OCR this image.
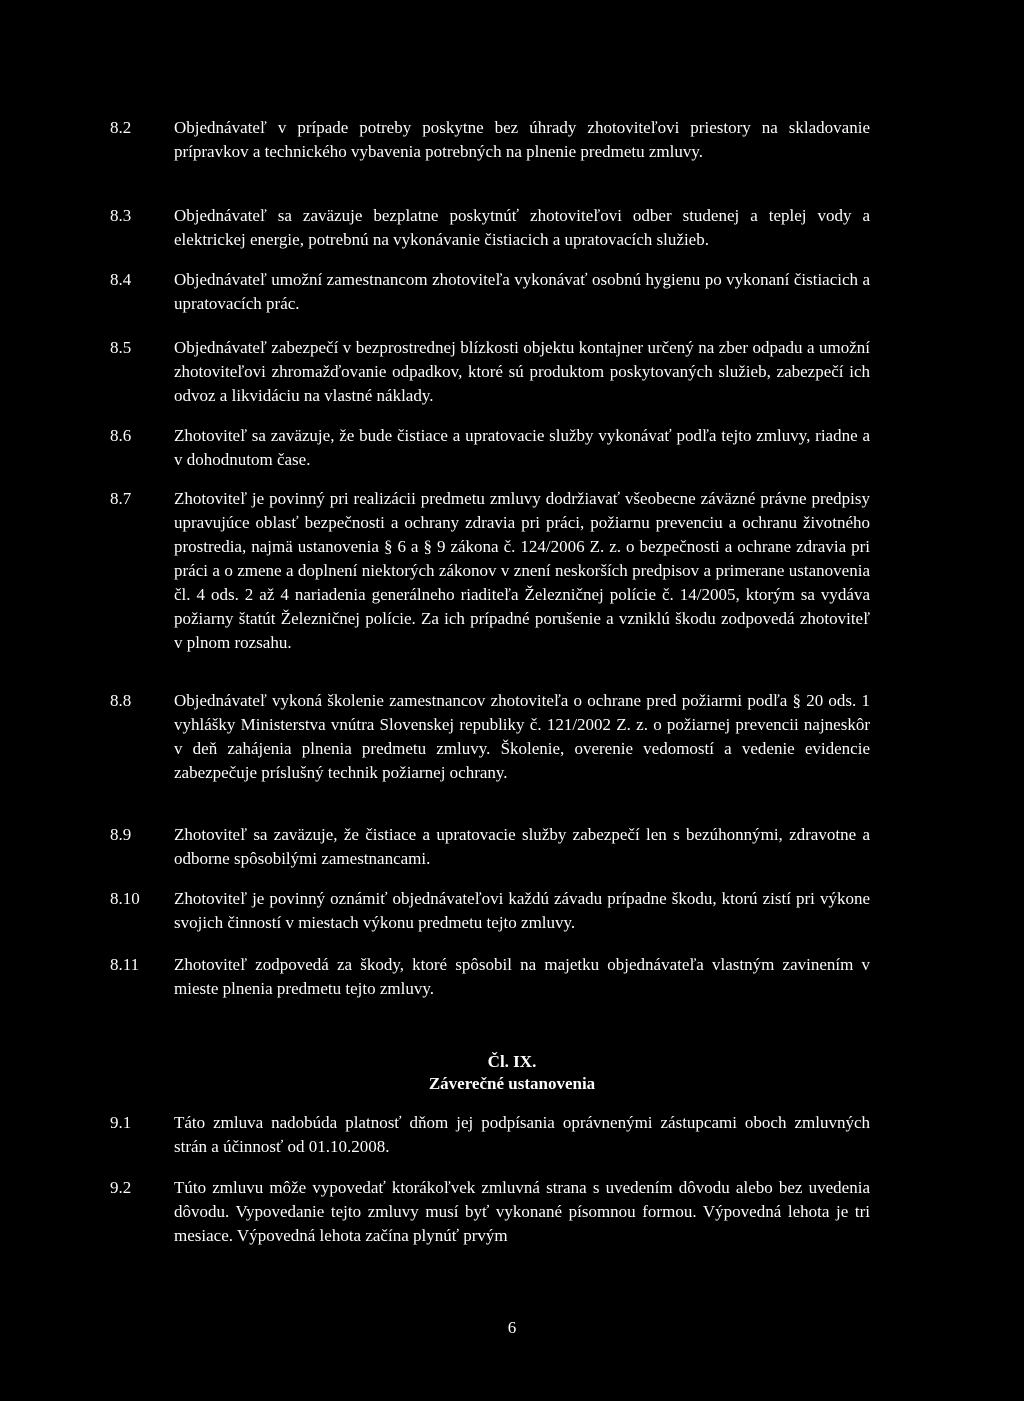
8.2	Objednávateľ v prípade potreby poskytne bez úhrady zhotoviteľovi priestory na skladovanie prípravkov a technického vybavenia potrebných na plnenie predmetu zmluvy.
8.3	Objednávateľ sa zaväzuje bezplatne poskytnúť zhotoviteľovi odber studenej a teplej vody a elektrickej energie, potrebnú na vykonávanie čistiacich a upratovacích služieb.
8.4	Objednávateľ umožní zamestnancom zhotoviteľa vykonávať osobnú hygienu po vykonaní čistiacich a upratovacích prác.
8.5	Objednávateľ zabezpečí v bezprostrednej blízkosti objektu kontajner určený na zber odpadu a umožní zhotoviteľovi zhromažďovanie odpadkov, ktoré sú produktom poskytovaných služieb, zabezpečí ich odvoz a likvidáciu na vlastné náklady.
8.6	Zhotoviteľ sa zaväzuje, že bude čistiace a upratovacie služby vykonávať podľa tejto zmluvy, riadne a v dohodnutom čase.
8.7	Zhotoviteľ je povinný pri realizácii predmetu zmluvy dodržiavať všeobecne záväzné právne predpisy upravujúce oblasť bezpečnosti a ochrany zdravia pri práci, požiarnu prevenciu a ochranu životného prostredia, najmä ustanovenia § 6 a § 9 zákona č. 124/2006 Z. z. o bezpečnosti a ochrane zdravia pri práci a o zmene a doplnení niektorých zákonov v znení neskorších predpisov a primerane ustanovenia čl. 4 ods. 2 až 4 nariadenia generálneho riaditeľa Železničnej polície č. 14/2005, ktorým sa vydáva požiarny štatút Železničnej polície. Za ich prípadné porušenie a vzniklú škodu zodpovedá zhotoviteľ v plnom rozsahu.
8.8	Objednávateľ vykoná školenie zamestnancov zhotoviteľa o ochrane pred požiarmi podľa § 20 ods. 1 vyhlášky Ministerstva vnútra Slovenskej republiky č. 121/2002 Z. z. o požiarnej prevencii najneskôr v deň zahájenia plnenia predmetu zmluvy. Školenie, overenie vedomostí a vedenie evidencie zabezpečuje príslušný technik požiarnej ochrany.
8.9	Zhotoviteľ sa zaväzuje, že čistiace a upratovacie služby zabezpečí len s bezúhonnými, zdravotne a odborne spôsobilými zamestnancami.
8.10	Zhotoviteľ je povinný oznámiť objednávateľovi každú závadu prípadne škodu, ktorú zistí pri výkone svojich činností v miestach výkonu predmetu tejto zmluvy.
8.11	Zhotoviteľ zodpovedá za škody, ktoré spôsobil na majetku objednávateľa vlastným zavinením v mieste plnenia predmetu tejto zmluvy.
Čl. IX.
Záverečné ustanovenia
9.1	Táto zmluva nadobúda platnosť dňom jej podpísania oprávnenými zástupcami oboch zmluvných strán a účinnosť od 01.10.2008.
9.2	Túto zmluvu môže vypovedať ktorákoľvek zmluvná strana s uvedením dôvodu alebo bez uvedenia dôvodu. Vypovedanie tejto zmluvy musí byť vykonané písomnou formou. Výpovedná lehota je tri mesiace. Výpovedná lehota začína plynúť prvým
6
